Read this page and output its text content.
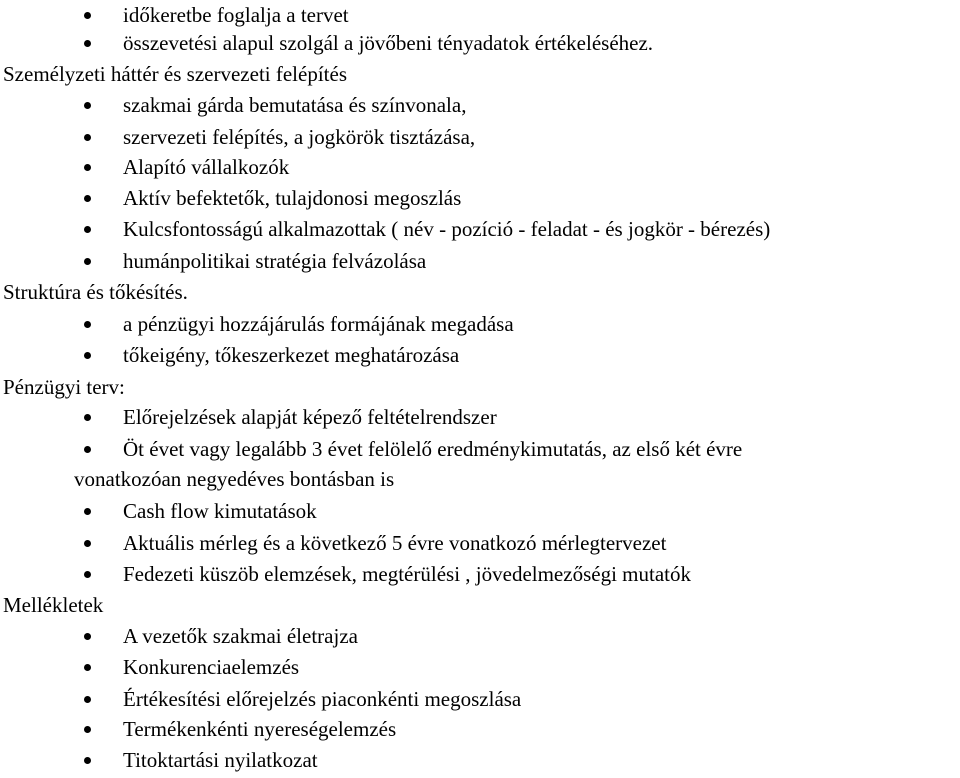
időkeretbe foglalja a tervet
összevetési alapul szolgál a jövőbeni tényadatok értékeléséhez.
Személyzeti háttér és szervezeti felépítés
szakmai gárda bemutatása és színvonala,
szervezeti felépítés, a jogkörök tisztázása,
Alapító vállalkozók
Aktív befektetők, tulajdonosi megoszlás
Kulcsfontosságú alkalmazottak ( név - pozíció - feladat - és jogkör - bérezés)
humánpolitikai stratégia felvázolása
Struktúra és tőkésítés.
a pénzügyi hozzájárulás formájának megadása
tőkeigény, tőkeszerkezet meghatározása
Pénzügyi terv:
Előrejelzések alapját képező feltételrendszer
Öt évet vagy legalább 3 évet felölelő eredménykimutatás, az első két évre
vonatkozóan negyedéves bontásban is
Cash flow kimutatások
Aktuális mérleg és a következő 5 évre vonatkozó mérlegtervezet
Fedezeti küszöb elemzések, megtérülési , jövedelmezőségi mutatók
Mellékletek
A vezetők szakmai életrajza
Konkurenciaelemzés
Értékesítési előrejelzés piaconkénti megoszlása
Termékenkénti nyereségelemzés
Titoktartási nyilatkozat
